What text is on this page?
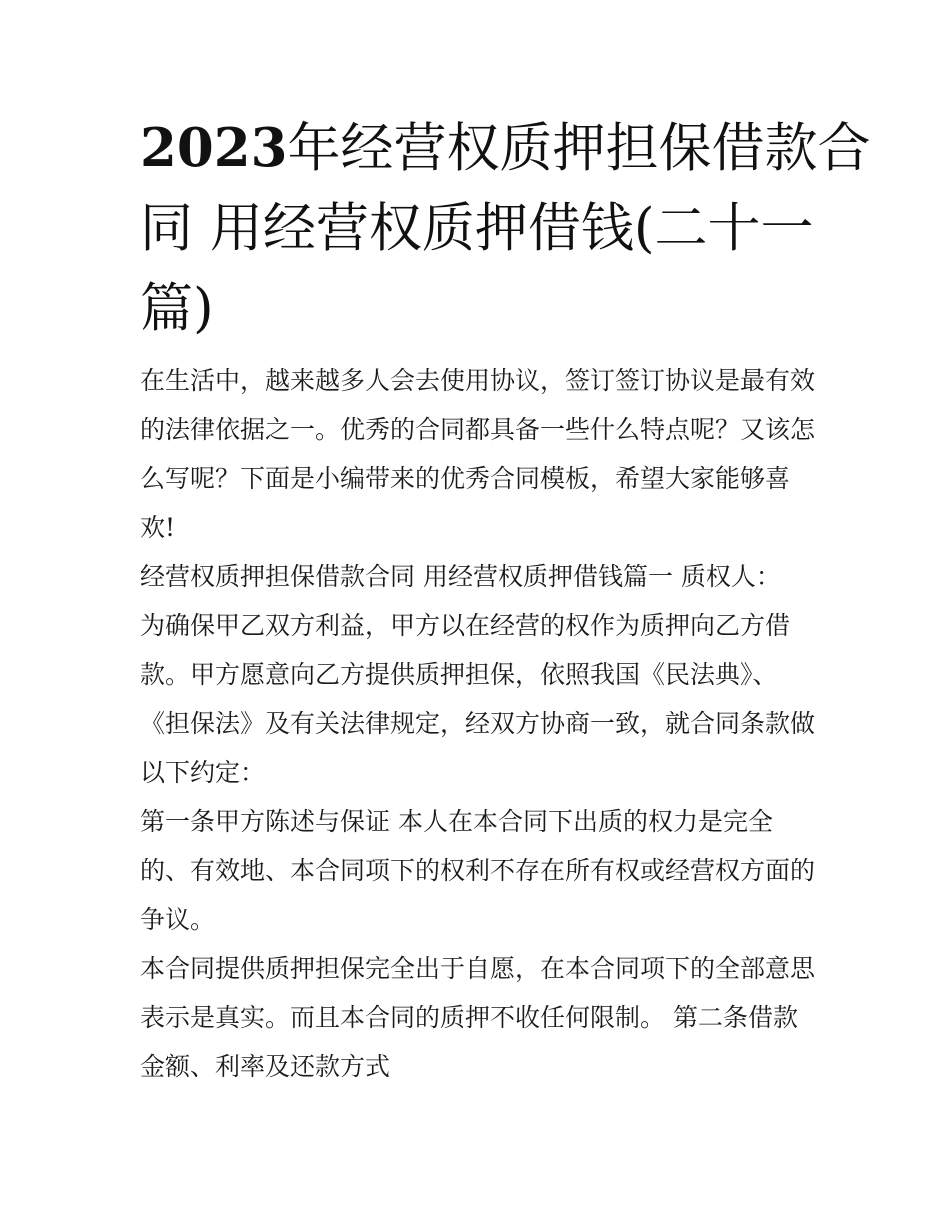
2023年经营权质押担保借款合
同 用经营权质押借钱(二十一
篇)
在生活中，越来越多人会去使用协议，签订签订协议是最有效
的法律依据之一。优秀的合同都具备一些什么特点呢？又该怎
么写呢？下面是小编带来的优秀合同模板，希望大家能够喜
欢!
经营权质押担保借款合同 用经营权质押借钱篇一 质权人：
为确保甲乙双方利益，甲方以在经营的权作为质押向乙方借
款。甲方愿意向乙方提供质押担保，依照我国《民法典》、
《担保法》及有关法律规定，经双方协商一致，就合同条款做
以下约定：
第一条甲方陈述与保证 本人在本合同下出质的权力是完全
的、有效地、本合同项下的权利不存在所有权或经营权方面的
争议。
本合同提供质押担保完全出于自愿，在本合同项下的全部意思
表示是真实。而且本合同的质押不收任何限制。 第二条借款
金额、利率及还款方式
